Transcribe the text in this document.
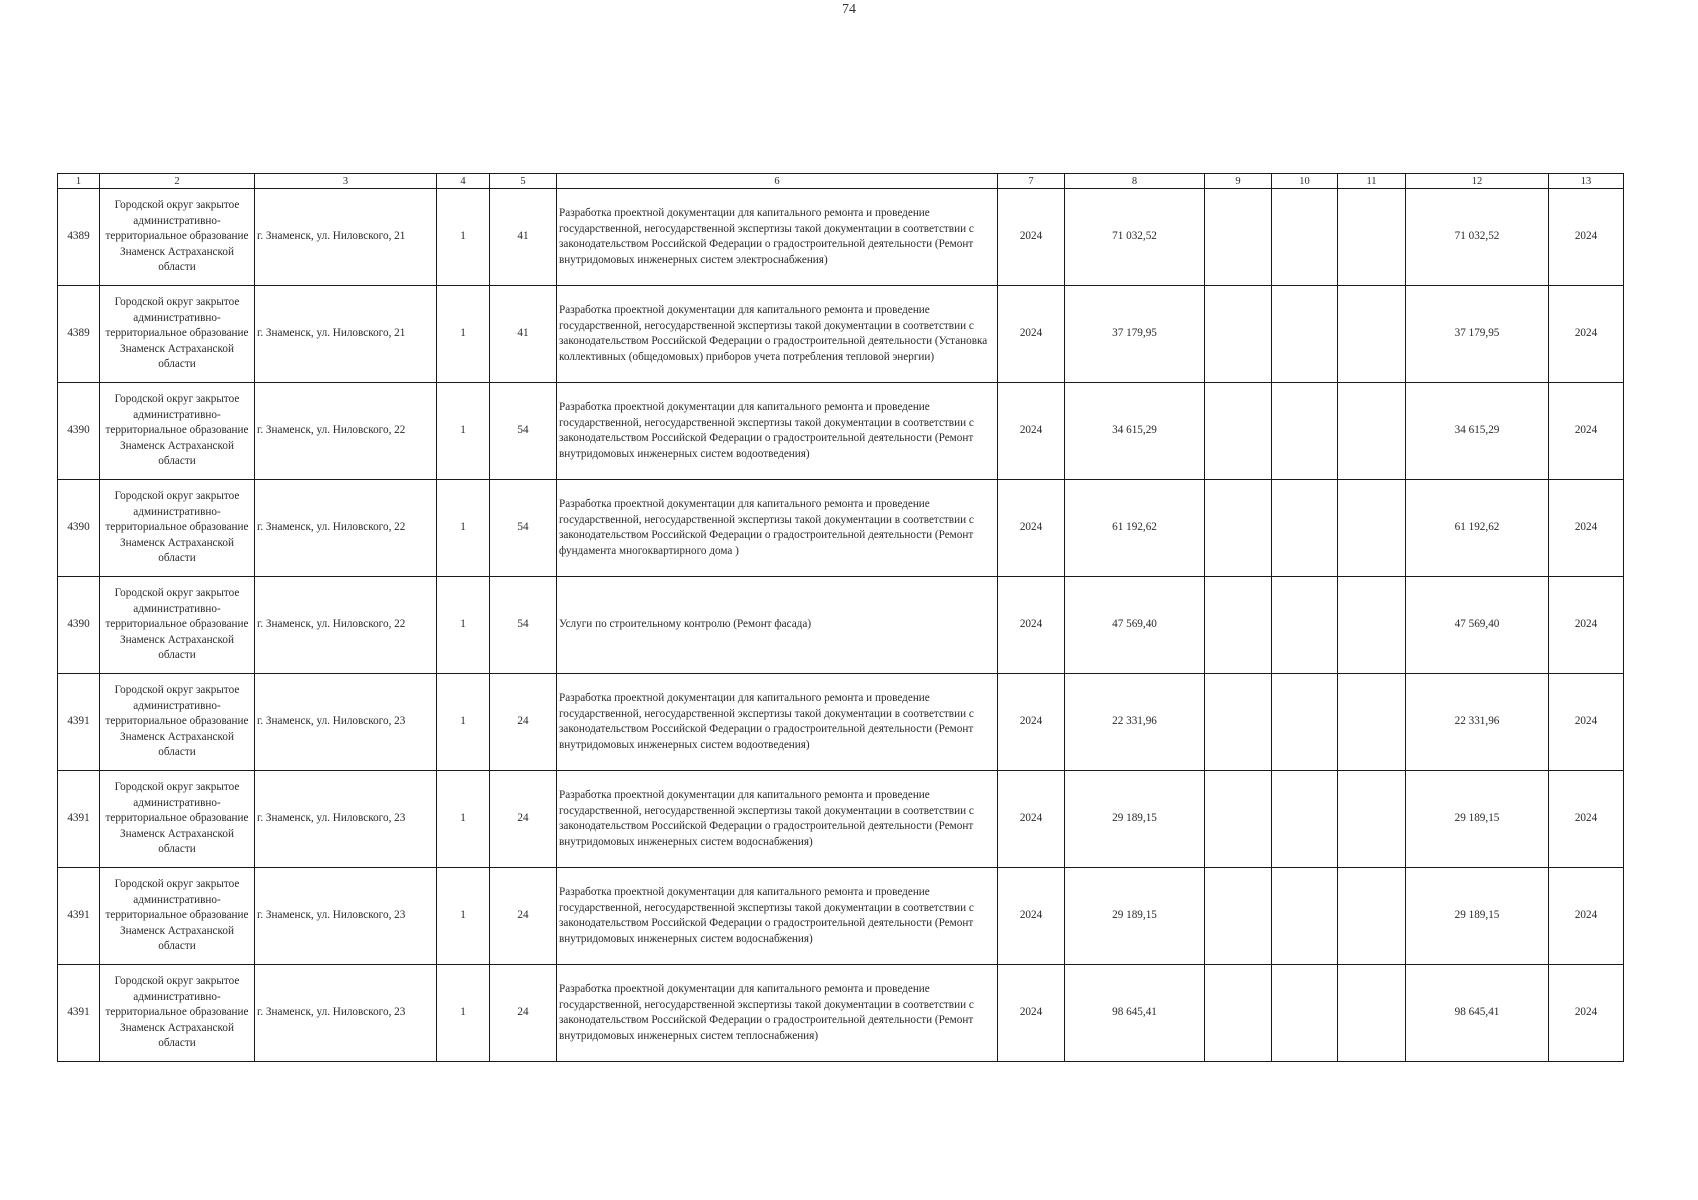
74
1	2	3	4	5	6	7	8	9	10	11	12	13
4389	Городской округ закрытое административно-территориальное образование Знаменск Астраханской области	г. Знаменск, ул. Ниловского, 21	1	41	Разработка проектной документации для капитального ремонта и проведение государственной, негосударственной экспертизы такой документации в соответствии с законодательством Российской Федерации о градостроительной деятельности (Ремонт внутридомовых инженерных систем электроснабжения)	2024	71 032,52				71 032,52	2024
4389	Городской округ закрытое административно-территориальное образование Знаменск Астраханской области	г. Знаменск, ул. Ниловского, 21	1	41	Разработка проектной документации для капитального ремонта и проведение государственной, негосударственной экспертизы такой документации в соответствии с законодательством Российской Федерации о градостроительной деятельности (Установка коллективных (общедомовых) приборов учета потребления тепловой энергии)	2024	37 179,95				37 179,95	2024
4390	Городской округ закрытое административно-территориальное образование Знаменск Астраханской области	г. Знаменск, ул. Ниловского, 22	1	54	Разработка проектной документации для капитального ремонта и проведение государственной, негосударственной экспертизы такой документации в соответствии с законодательством Российской Федерации о градостроительной деятельности (Ремонт внутридомовых инженерных систем водоотведения)	2024	34 615,29				34 615,29	2024
4390	Городской округ закрытое административно-территориальное образование Знаменск Астраханской области	г. Знаменск, ул. Ниловского, 22	1	54	Разработка проектной документации для капитального ремонта и проведение государственной, негосударственной экспертизы такой документации в соответствии с законодательством Российской Федерации о градостроительной деятельности (Ремонт фундамента многоквартирного дома )	2024	61 192,62				61 192,62	2024
4390	Городской округ закрытое административно-территориальное образование Знаменск Астраханской области	г. Знаменск, ул. Ниловского, 22	1	54	Услуги по строительному контролю (Ремонт фасада)	2024	47 569,40				47 569,40	2024
4391	Городской округ закрытое административно-территориальное образование Знаменск Астраханской области	г. Знаменск, ул. Ниловского, 23	1	24	Разработка проектной документации для капитального ремонта и проведение государственной, негосударственной экспертизы такой документации в соответствии с законодательством Российской Федерации о градостроительной деятельности (Ремонт внутридомовых инженерных систем водоотведения)	2024	22 331,96				22 331,96	2024
4391	Городской округ закрытое административно-территориальное образование Знаменск Астраханской области	г. Знаменск, ул. Ниловского, 23	1	24	Разработка проектной документации для капитального ремонта и проведение государственной, негосударственной экспертизы такой документации в соответствии с законодательством Российской Федерации о градостроительной деятельности (Ремонт внутридомовых инженерных систем водоснабжения)	2024	29 189,15				29 189,15	2024
4391	Городской округ закрытое административно-территориальное образование Знаменск Астраханской области	г. Знаменск, ул. Ниловского, 23	1	24	Разработка проектной документации для капитального ремонта и проведение государственной, негосударственной экспертизы такой документации в соответствии с законодательством Российской Федерации о градостроительной деятельности (Ремонт внутридомовых инженерных систем водоснабжения)	2024	29 189,15				29 189,15	2024
4391	Городской округ закрытое административно-территориальное образование Знаменск Астраханской области	г. Знаменск, ул. Ниловского, 23	1	24	Разработка проектной документации для капитального ремонта и проведение государственной, негосударственной экспертизы такой документации в соответствии с законодательством Российской Федерации о градостроительной деятельности (Ремонт внутридомовых инженерных систем теплоснабжения)	2024	98 645,41				98 645,41	2024
